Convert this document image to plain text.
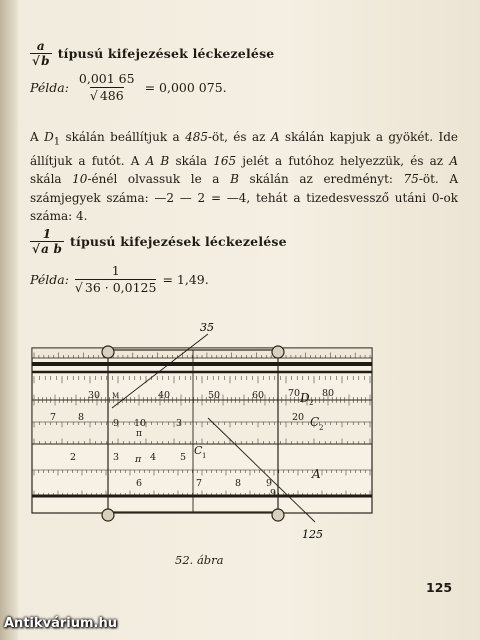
$\frac{a}{√b}$ típusú kifejezések léckezelése
Példa: $\frac{0,001 65}{√ 486} = 0,000$ 075.
A $D_1$ skálán beállítjuk a 485-öt, és az A skálán kapjuk a gyökét. Ide állítjuk a futót. A A B skála 165 jelét a futóhoz helyezzük, és az A skála 10-énél olvassuk le a B skálán az eredményt: 75-öt. A számjegyek száma: —2 — 2 = —4, tehát a tizedesvessző utáni 0-ok száma: 4.
$\frac{1}{\text{√a b}}$ típusú kifejezések léckezelése
Példa: $\frac{1}{√ 36 \cdot 0,0125} = 1,49$.
35
125
30 M	40	50	60	70 D 2
80
20 C 2
7 8
9 10
π
3
2	3 π 4	5
C 1
A
9
6	7	8	9
52. ábra
125
Antikvárium.hu
